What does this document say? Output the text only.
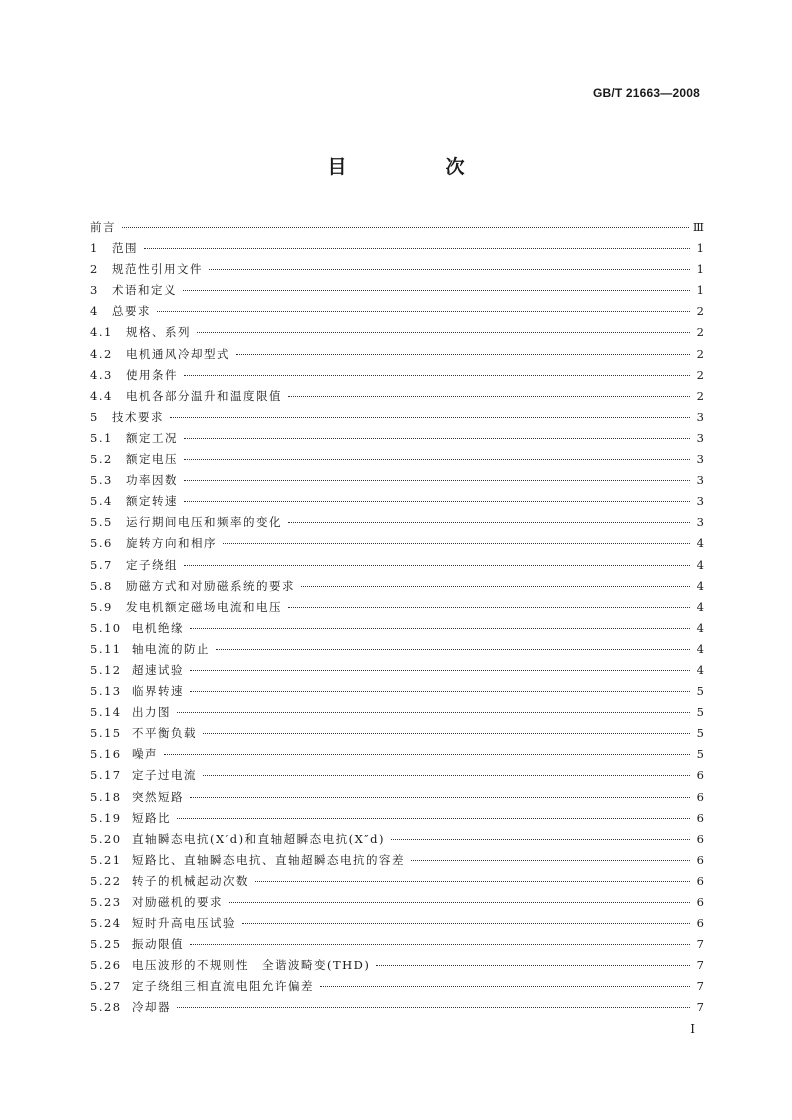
GB/T 21663—2008
目　次
前言	Ⅲ
1	范围	1
2	规范性引用文件	1
3	术语和定义	1
4	总要求	2
4.1	规格、系列	2
4.2	电机通风冷却型式	2
4.3	使用条件	2
4.4	电机各部分温升和温度限值	2
5	技术要求	3
5.1	额定工况	3
5.2	额定电压	3
5.3	功率因数	3
5.4	额定转速	3
5.5	运行期间电压和频率的变化	3
5.6	旋转方向和相序	4
5.7	定子绕组	4
5.8	励磁方式和对励磁系统的要求	4
5.9	发电机额定磁场电流和电压	4
5.10 电机绝缘	4
5.11 轴电流的防止	4
5.12 超速试验	4
5.13 临界转速	5
5.14 出力图	5
5.15 不平衡负载	5
5.16 噪声	5
5.17 定子过电流	6
5.18 突然短路	6
5.19 短路比	6
5.20 直轴瞬态电抗(X′d)和直轴超瞬态电抗(X″d)	6
5.21 短路比、直轴瞬态电抗、直轴超瞬态电抗的容差	6
5.22 转子的机械起动次数	6
5.23 对励磁机的要求	6
5.24 短时升高电压试验	6
5.25 振动限值	7
5.26 电压波形的不规则性　全谐波畸变(THD)	7
5.27 定子绕组三相直流电阻允许偏差	7
5.28 冷却器	7
I
